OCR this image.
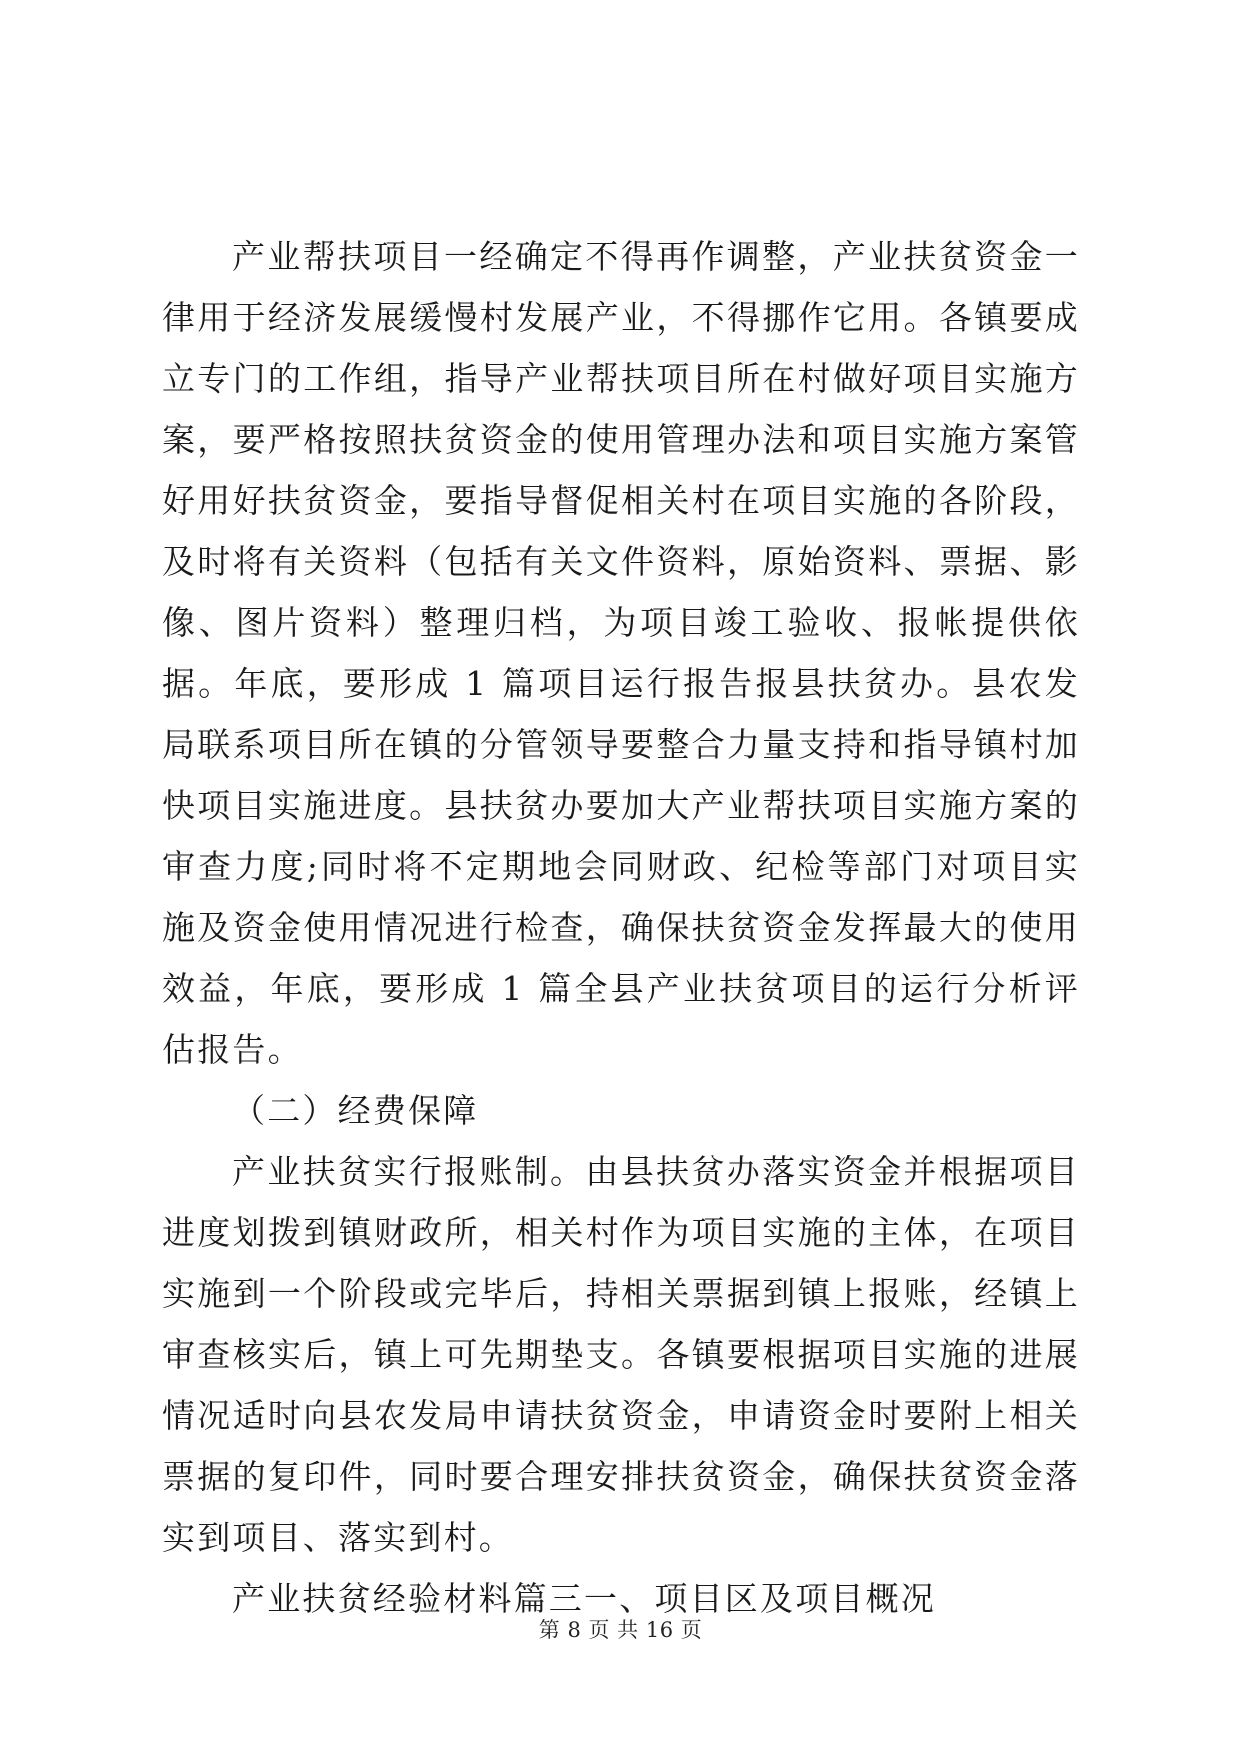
产业帮扶项目一经确定不得再作调整，产业扶贫资金一律用于经济发展缓慢村发展产业，不得挪作它用。各镇要成立专门的工作组，指导产业帮扶项目所在村做好项目实施方案，要严格按照扶贫资金的使用管理办法和项目实施方案管好用好扶贫资金，要指导督促相关村在项目实施的各阶段，及时将有关资料（包括有关文件资料，原始资料、票据、影像、图片资料）整理归档，为项目竣工验收、报帐提供依据。年底，要形成 1 篇项目运行报告报县扶贫办。县农发局联系项目所在镇的分管领导要整合力量支持和指导镇村加快项目实施进度。县扶贫办要加大产业帮扶项目实施方案的审查力度;同时将不定期地会同财政、纪检等部门对项目实施及资金使用情况进行检查，确保扶贫资金发挥最大的使用效益，年底，要形成 1 篇全县产业扶贫项目的运行分析评估报告。

（二）经费保障

产业扶贫实行报账制。由县扶贫办落实资金并根据项目进度划拨到镇财政所，相关村作为项目实施的主体，在项目实施到一个阶段或完毕后，持相关票据到镇上报账，经镇上审查核实后，镇上可先期垫支。各镇要根据项目实施的进展情况适时向县农发局申请扶贫资金，申请资金时要附上相关票据的复印件，同时要合理安排扶贫资金，确保扶贫资金落实到项目、落实到村。

产业扶贫经验材料篇三一、项目区及项目概况

第 8 页 共 16 页
